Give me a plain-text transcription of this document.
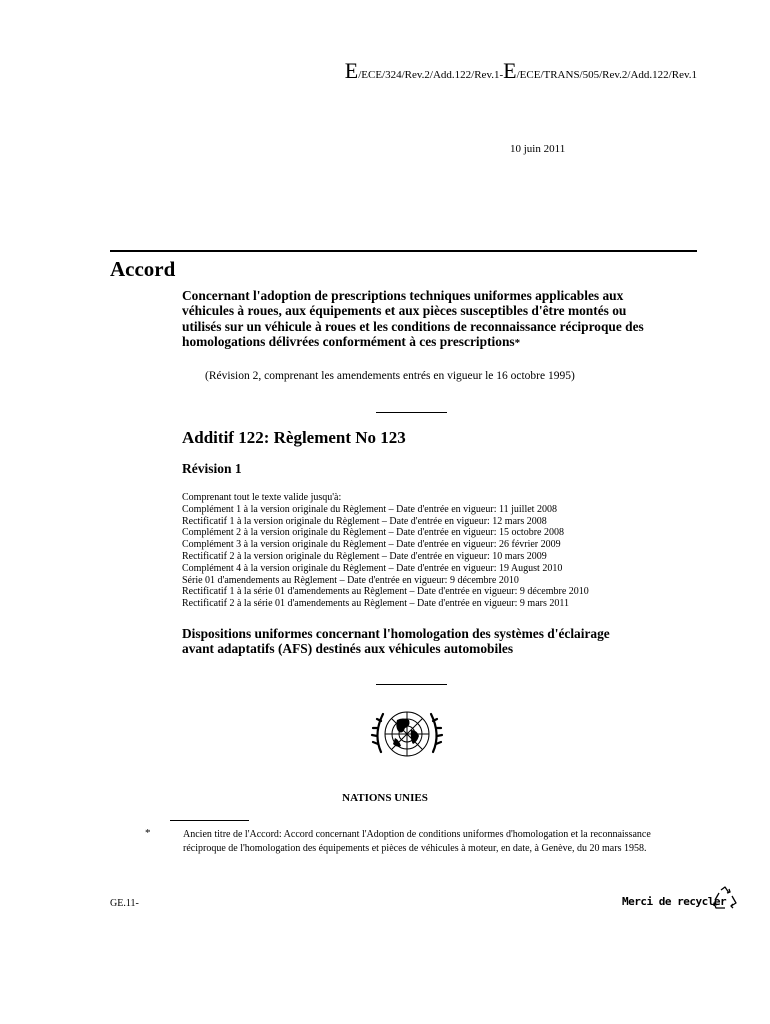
E/ECE/324/Rev.2/Add.122/Rev.1-E/ECE/TRANS/505/Rev.2/Add.122/Rev.1
10 juin 2011
Accord
Concernant l'adoption de prescriptions techniques uniformes applicables aux véhicules à roues, aux équipements et aux pièces susceptibles d'être montés ou utilisés sur un véhicule à roues et les conditions de reconnaissance réciproque des homologations délivrées conformément à ces prescriptions*
(Révision 2, comprenant les amendements entrés en vigueur le 16 octobre 1995)
Additif 122: Règlement No 123
Révision 1
Comprenant tout le texte valide jusqu'à:
Complément 1 à la version originale du Règlement – Date d'entrée en vigueur: 11 juillet 2008
Rectificatif 1 à la version originale du Règlement – Date d'entrée en vigueur: 12 mars 2008
Complément 2 à la version originale du Règlement – Date d'entrée en vigueur: 15 octobre 2008
Complément 3 à la version originale du Règlement – Date d'entrée en vigueur: 26 février 2009
Rectificatif 2 à la version originale du Règlement – Date d'entrée en vigueur: 10 mars 2009
Complément 4 à la version originale du Règlement – Date d'entrée en vigueur: 19 August 2010
Série 01 d'amendements au Règlement – Date d'entrée en vigueur: 9 décembre 2010
Rectificatif 1 à la série 01 d'amendements au Règlement – Date d'entrée en vigueur: 9 décembre 2010
Rectificatif 2 à la série 01 d'amendements au Règlement – Date d'entrée en vigueur: 9 mars 2011
Dispositions uniformes concernant l'homologation des systèmes d'éclairage avant adaptatifs (AFS) destinés aux véhicules automobiles
NATIONS UNIES
*	Ancien titre de l'Accord: Accord concernant l'Adoption de conditions uniformes d'homologation et la reconnaissance réciproque de l'homologation des équipements et pièces de véhicules à moteur, en date, à Genève, du 20 mars 1958.
GE.11-	Merci de recycler
